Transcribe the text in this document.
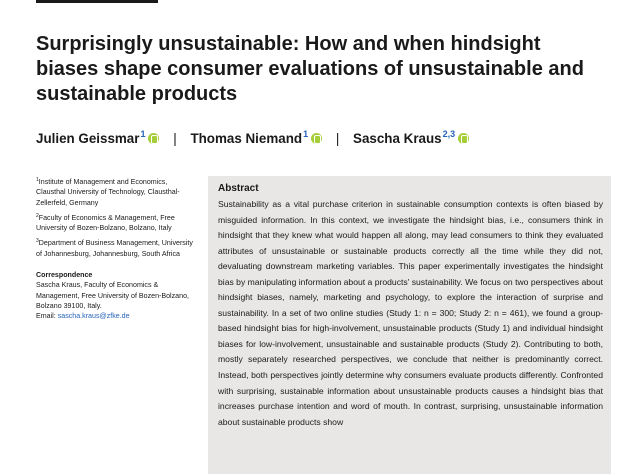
Surprisingly unsustainable: How and when hindsight biases shape consumer evaluations of unsustainable and sustainable products
Julien Geissmar$^1$ | Thomas Niemand$^1$ | Sascha Kraus$^{2,3}$
$^1$Institute of Management and Economics, Clausthal University of Technology, Clausthal-Zellerfeld, Germany
$^2$Faculty of Economics & Management, Free University of Bozen-Bolzano, Bolzano, Italy
$^3$Department of Business Management, University of Johannesburg, Johannesburg, South Africa
Correspondence
Sascha Kraus, Faculty of Economics & Management, Free University of Bozen-Bolzano, Bolzano 39100, Italy.
Email: sascha.kraus@zfke.de
Abstract

Sustainability as a vital purchase criterion in sustainable consumption contexts is often biased by misguided information. In this context, we investigate the hindsight bias, i.e., consumers think in hindsight that they knew what would happen all along, may lead consumers to think they evaluated attributes of unsustainable or sustainable products correctly all the time while they did not, devaluating downstream marketing variables. This paper experimentally investigates the hindsight bias by manipulating information about a products' sustainability. We focus on two perspectives about hindsight biases, namely, marketing and psychology, to explore the interaction of surprise and sustainability. In a set of two online studies (Study 1: n = 300; Study 2: n = 461), we found a group-based hindsight bias for high-involvement, unsustainable products (Study 1) and individual hindsight biases for low-involvement, unsustainable and sustainable products (Study 2). Contributing to both, mostly separately researched perspectives, we conclude that neither is predominantly correct. Instead, both perspectives jointly determine why consumers evaluate products differently. Confronted with surprising, sustainable information about unsustainable products causes a hindsight bias that increases purchase intention and word of mouth. In contrast, surprising, unsustainable information about sustainable products show
